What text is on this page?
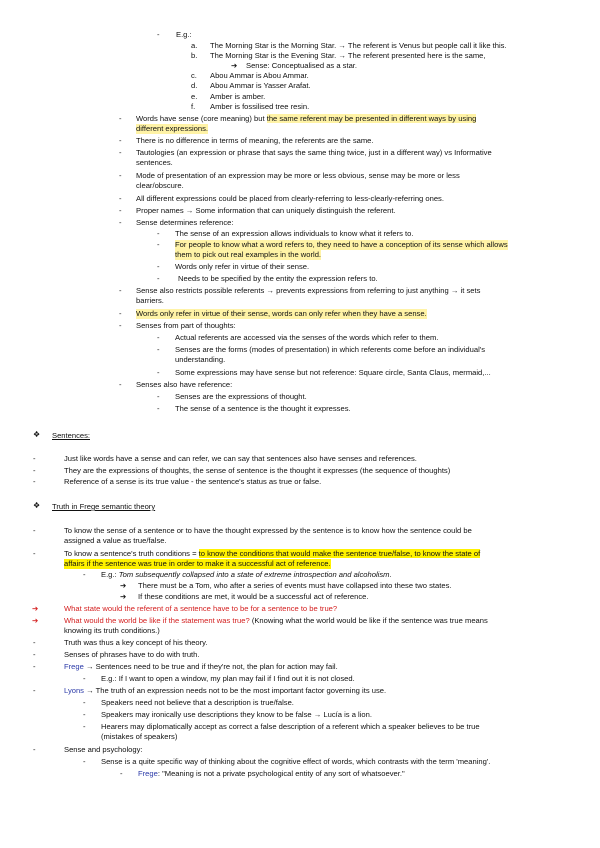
- E.g.:
a. The Morning Star is the Morning Star. → The referent is Venus but people call it like this.
b. The Morning Star is the Evening Star. → The referent presented here is the same,
➔ Sense: Conceptualised as a star.
c. Abou Ammar is Abou Ammar.
d. Abou Ammar is Yasser Arafat.
e. Amber is amber.
f. Amber is fossilised tree resin.
- Words have sense (core meaning) but the same referent may be presented in different ways by using
different expressions.
- There is no difference in terms of meaning, the referents are the same.
- Tautologies (an expression or phrase that says the same thing twice, just in a different way) vs Informative
sentences.
- Mode of presentation of an expression may be more or less obvious, sense may be more or less
clear/obscure.
- All different expressions could be placed from clearly-referring to less-clearly-referring ones.
- Proper names → Some information that can uniquely distinguish the referent.
- Sense determines reference:
- The sense of an expression allows individuals to know what it refers to.
- For people to know what a word refers to, they need to have a conception of its sense which allows
them to pick out real examples in the world.
- Words only refer in virtue of their sense.
- Needs to be specified by the entity the expression refers to.
- Sense also restricts possible referents → prevents expressions from referring to just anything → it sets
barriers.
- Words only refer in virtue of their sense, words can only refer when they have a sense.
- Senses from part of thoughts:
- Actual referents are accessed via the senses of the words which refer to them.
- Senses are the forms (modes of presentation) in which referents come before an individual's
understanding.
- Some expressions may have sense but not reference: Square circle, Santa Claus, mermaid,...
- Senses also have reference:
- Senses are the expressions of thought.
- The sense of a sentence is the thought it expresses.
❖ Sentences:
-	Just like words have a sense and can refer, we can say that sentences also have senses and references.
-	They are the expressions of thoughts, the sense of sentence is the thought it expresses (the sequence of thoughts)
-	Reference of a sense is its true value - the sentence's status as true or false.
❖ Truth in Frege semantic theory
-	To know the sense of a sentence or to have the thought expressed by the sentence is to know how the sentence could be
assigned a value as true/false.
-	To know a sentence's truth conditions = to know the conditions that would make the sentence true/false, to know the state of
affairs if the sentence was true in order to make it a successful act of reference.
- E.g.: Tom subsequently collapsed into a state of extreme introspection and alcoholism.
➔ There must be a Tom, who after a series of events must have collapsed into these two states.
➔ If these conditions are met, it would be a successful act of reference.
➔	What state would the referent of a sentence have to be for a sentence to be true?
➔	What would the world be like if the statement was true? (Knowing what the world would be like if the sentence was true means
knowing its truth conditions.)
-	Truth was thus a key concept of his theory.
-	Senses of phrases have to do with truth.
-	Frege → Sentences need to be true and if they're not, the plan for action may fail.
- E.g.: If I want to open a window, my plan may fail if I find out it is not closed.
-	Lyons → The truth of an expression needs not to be the most important factor governing its use.
- Speakers need not believe that a description is true/false.
- Speakers may ironically use descriptions they know to be false → Lucía is a lion.
- Hearers may diplomatically accept as correct a false description of a referent which a speaker believes to be true
(mistakes of speakers)
-	Sense and psychology:
- Sense is a quite specific way of thinking about the cognitive effect of words, which contrasts with the term 'meaning'.
- Frege: "Meaning is not a private psychological entity of any sort of whatsoever."
